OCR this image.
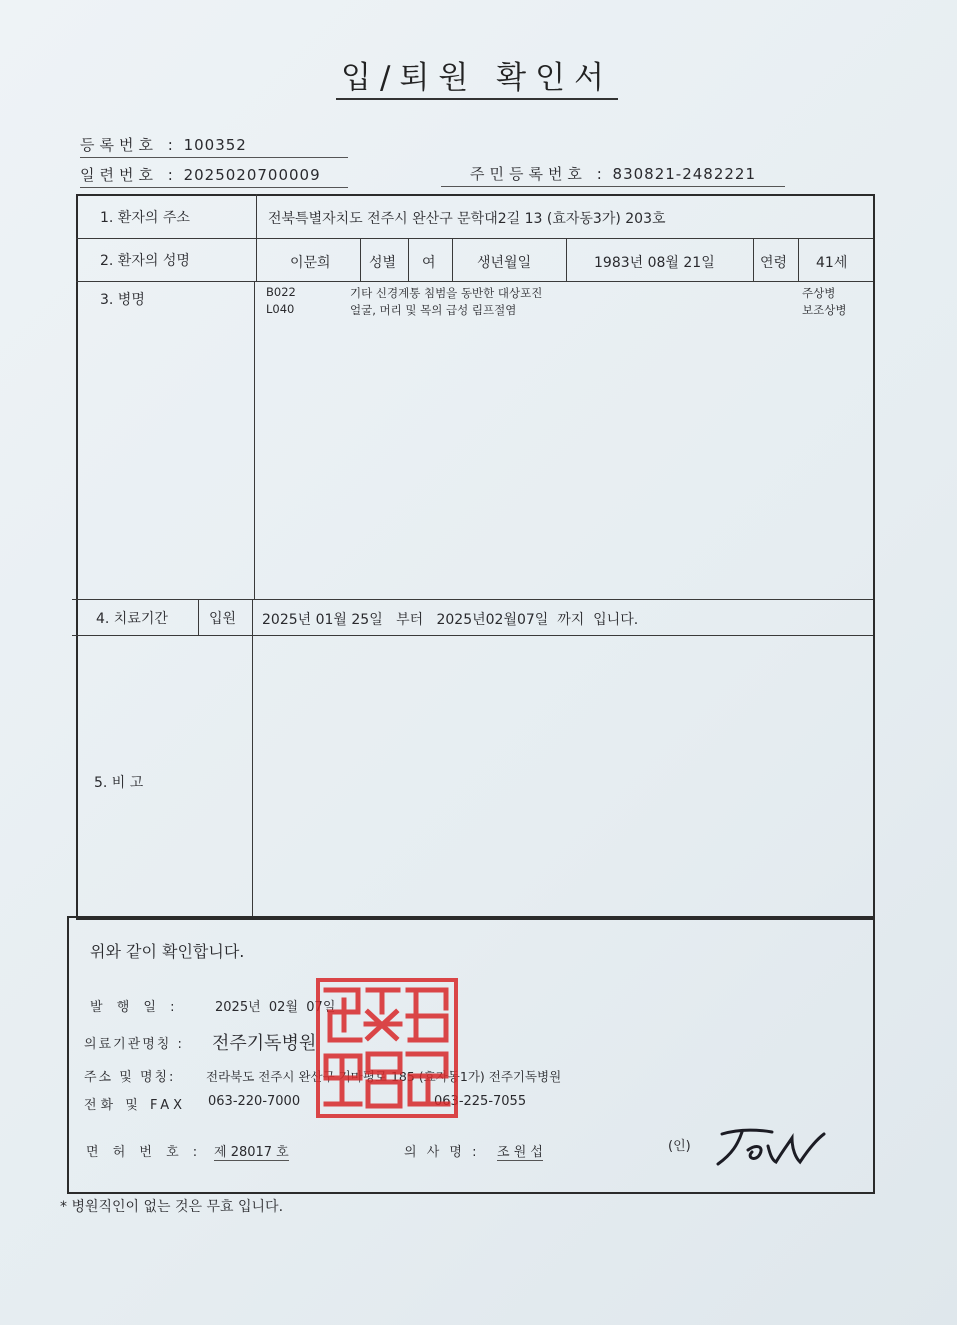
입/퇴원 확인서
등록번호 : 100352
일련번호 : 2025020700009	주민등록번호 : 830821-2482221
1. 환자의 주소	전북특별자치도 전주시 완산구 문학대2길 13 (효자동3가) 203호
2. 환자의 성명	이문희	성별 여	생년월일	1983년 08월 21일	연령 41세
3. 병명	B022	기타 신경계통 침범을 동반한 대상포진	주상병
L040	얼굴, 머리 및 목의 급성 림프절염	보조상병
4. 치료기간	입원 2025년 01월 25일   부터   2025년02월07일  까지  입니다.
5. 비 고
위와 같이 확인합니다.
발 행 일 :	2025년  02월  07일
의료기관명칭 : 전주기독병원
주소 및 명칭: 전라북도 전주시 완산구 거마평로 185 (효자동1가) 전주기독병원
전화 및 FAX 063-220-7000	063-225-7055
면 허 번 호 : 제 28017 호	의 사 명 : 조 원 섭	(인)
* 병원직인이 없는 것은 무효 입니다.
